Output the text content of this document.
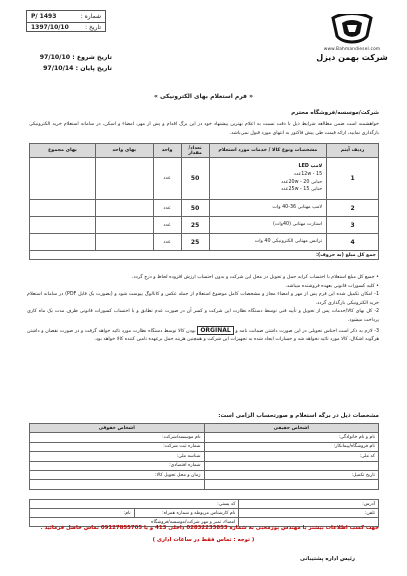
شماره :
P/ 1493
تاریخ :
1397/10/10
تاریخ شروع : 97/10/10
تاریخ پایان : 97/10/14
www.Bahmandiesel.com
شرکت بهمن دیزل
« فرم استعلام بهای الکترونیکی »
شرکت/موسسه/فروشگاه محترم
خواهشمند است ضمن مطالعه شرایط ذیل با دقت نسبت به اعلام بهترین پیشنهاد خود در این برگ اقدام و پس از مهر، امضاء و اسکن، در سامانه استعلام خرید الکترونیکی بارگذاری نمایید، ارائه قیمت طی پیش فاکتور به انتهای مورد قبول نمی‌باشد.
ردیف آیتم	مشخصات ونوع کالا / خدمات مورد استعلام	تعداد/مقدار	واحد	بهای واحد	بهای مجموع
1	لامپ LED
12w - 15عدد
حبابی 20w - 20عدد
حبابی 25w - 15عدد	50	عدد		
2	لامپ مهتابی 36-40 وات	50	عدد		
3	استارت مهتابی (40وات)	25	عدد		
4	ترانس مهتابی الکترونیکی 40 وات	25	عدد		
جمع کل مبلغ (به حروف):					

• جمیع کل مبلغ استعلام با احتساب کرایه حمل و تحویل در محل این شرکت و بدون احتساب ارزش افزوده لحاظ و درج گردد.

• کلیه کسورات قانونی بعهده فروشنده میباشد.

1- امکان تکمیل شده این فرم پس از مهر و امضاء مجاز و مشخصات کامل موضوع استعلام از جمله عکس و کاتالوگ پیوست شود و (بصورت یک فایل PDF) در سامانه استعلام خرید الکترونیکی بارگذاری گردد.

2- کل بهای کالا/خدمات پس از تحویل و تأیید فنی توسط دستگاه نظارت این شرکت و کسر آن در صورت عدم تطابق و با احتساب کسورات قانونی ظرف مدت یک ماه کاری پرداخت میشود.

3- لازم به ذکر است اجناس تحویلی در این صورت داشتن ضمانت نامه و ORGINAL بودن کالا توسط دستگاه نظارت مورد تائید خواهد گرفت و در صورت نقصان و داشتن هرگونه اشکال، کالا مورد تائید نخواهد شد و خسارات ایجاد شده به تجهیزات این شرکت و همچنین هزینه حمل برعهده تامین کننده کالا خواهد بود.

مشخصات ذیل در برگه استعلام و صورتحساب الزامی است:
اشخاص حقیقی	اشخاص حقوقی
نام و نام خانوادگی:	نام موسسه/شرکت:
نام فروشگاه/پیمانکار:	شماره ثبت شرکت:
کد ملی:	شناسه ملی:
	شماره اقتصادی:
تاریخ تکمیل:	زمان و محل تحویل کالا:

آدرس:	کد پستی:	
تلفن:	نام کارشناس مربوطه و شماره همراه:	نام:
	امضاء، تمبر و مهر شرکت/موسسه/فروشگاه	
جهت کسب اطلاعات بیشتر با مهندس پورمحبی به شماره 02832233853 داخلی 413 و یا 09127855705 تماس حاصل فرمائید .
( توجه : تماس فقط در ساعات اداری )
رئیس اداره پشتیبانی
